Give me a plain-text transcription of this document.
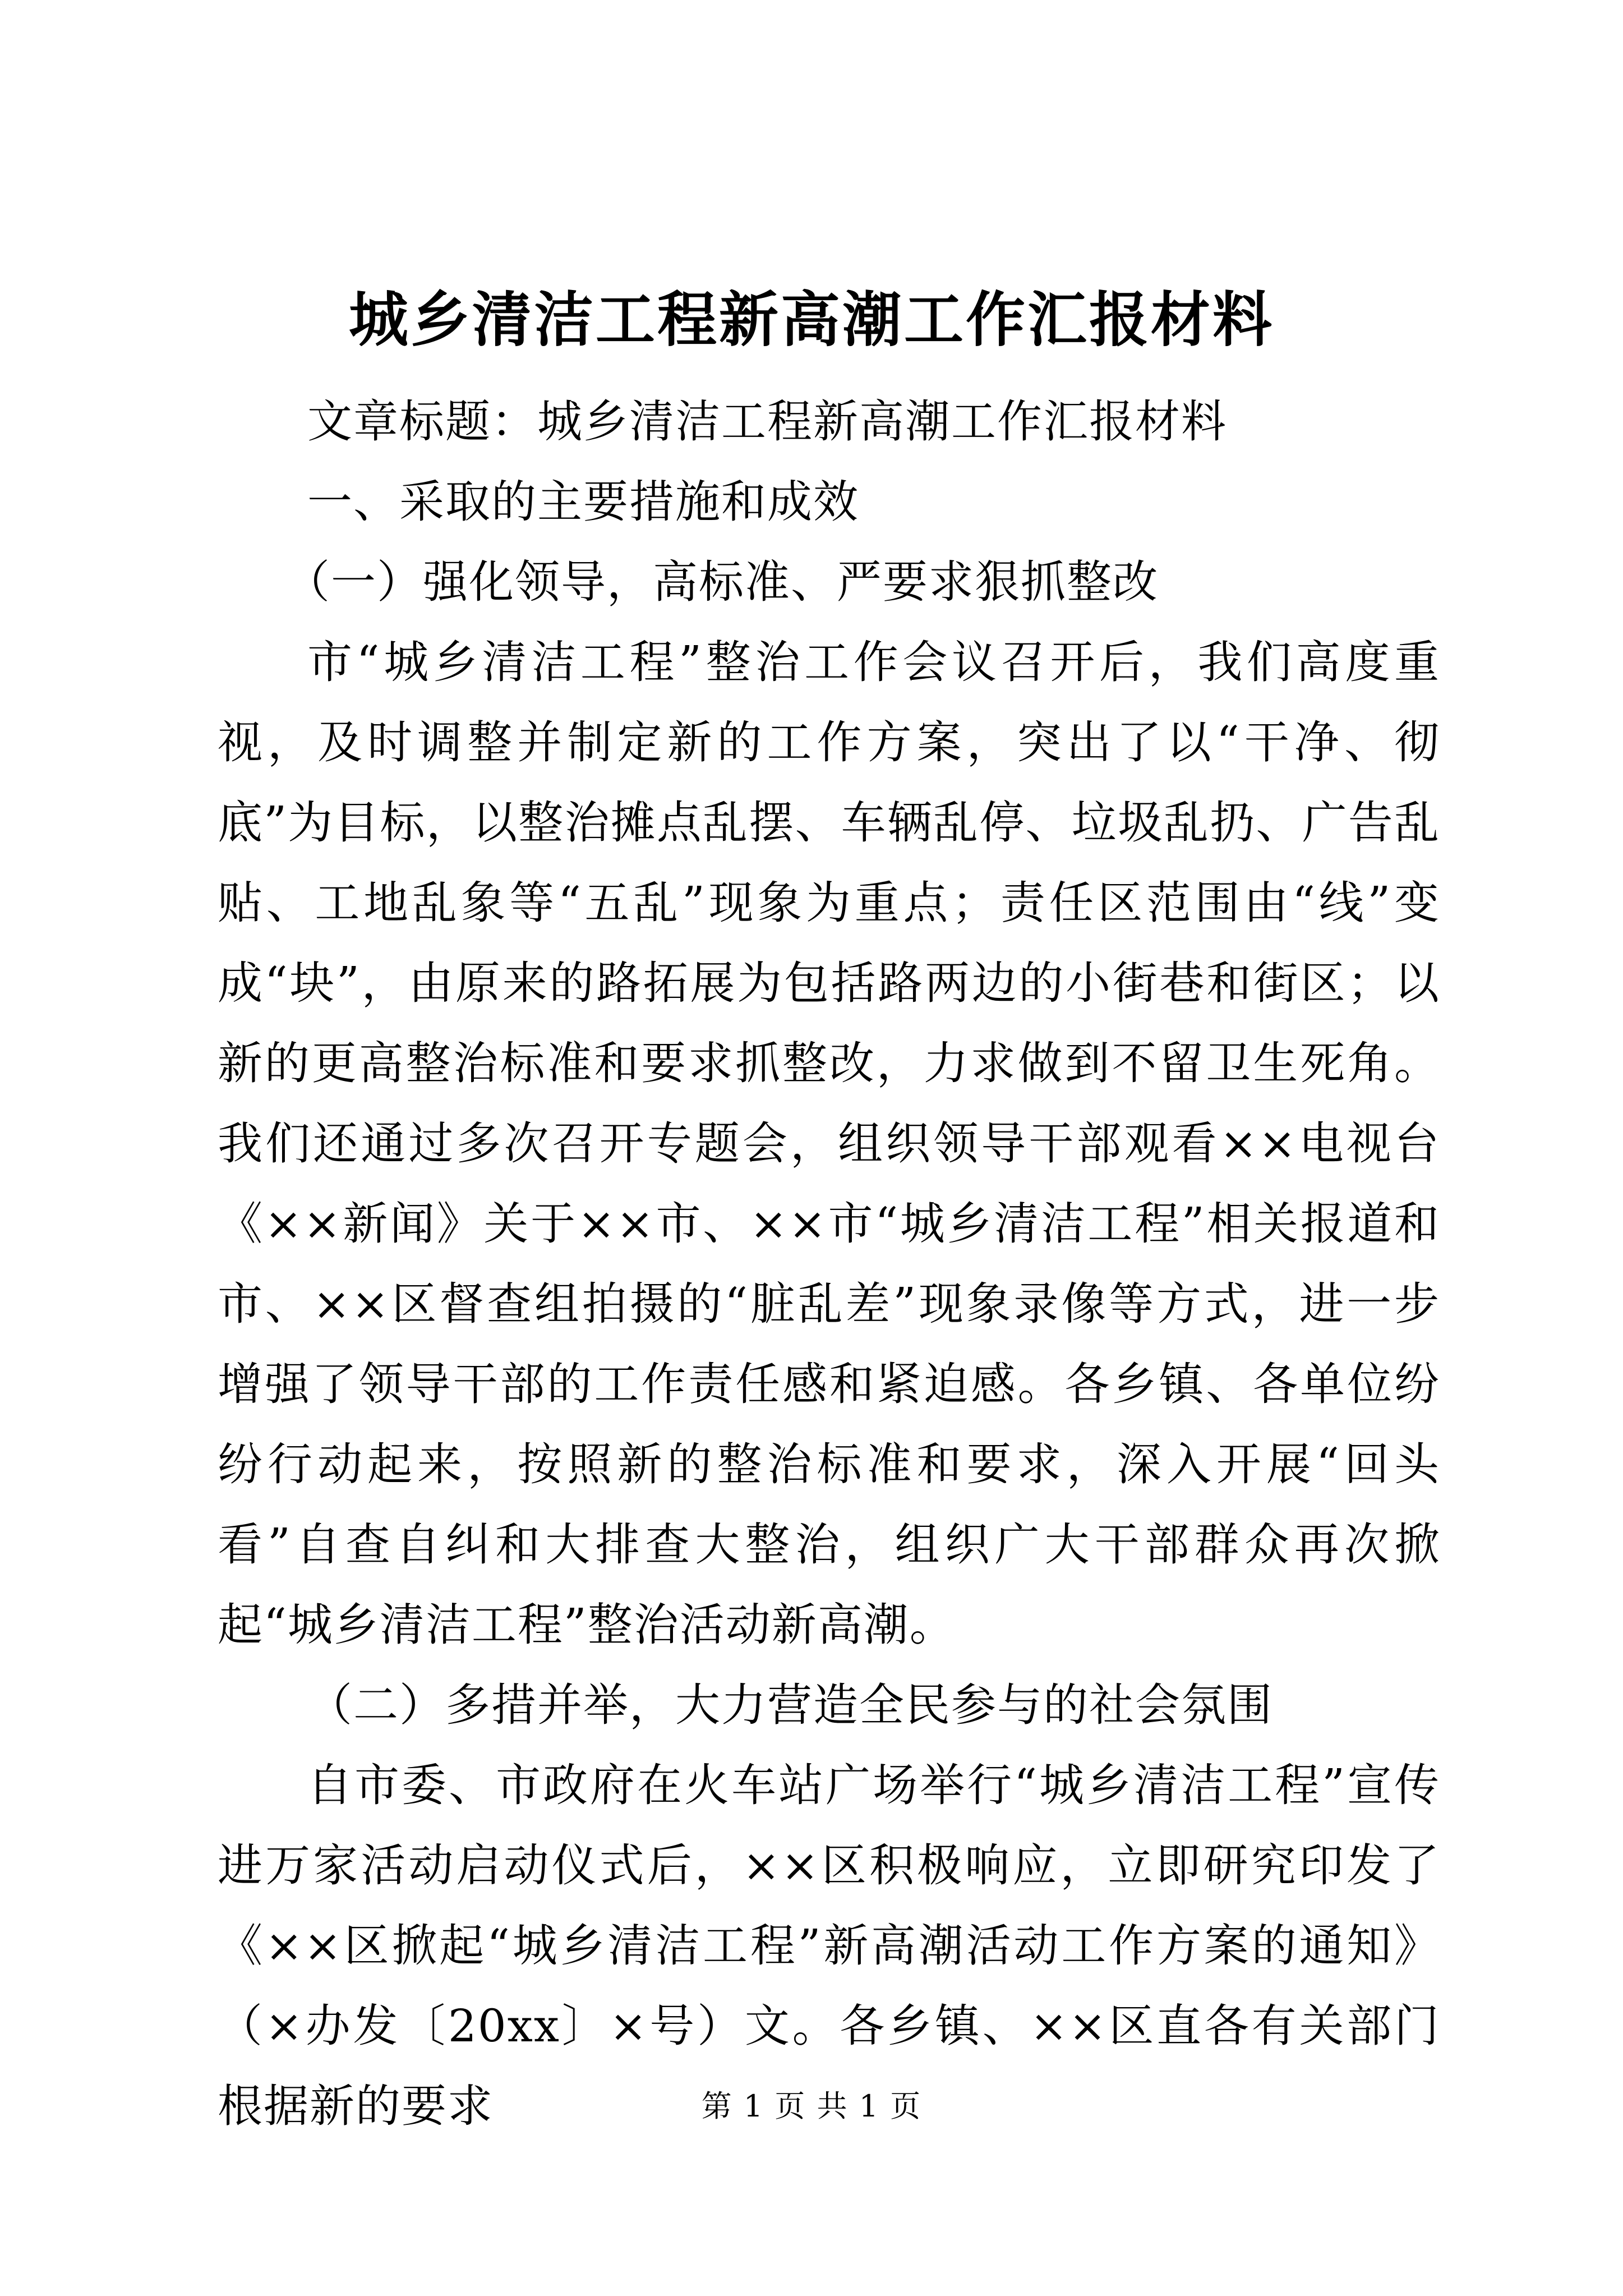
城乡清洁工程新高潮工作汇报材料

文章标题：城乡清洁工程新高潮工作汇报材料

一、采取的主要措施和成效

（一）强化领导，高标准、严要求狠抓整改

市“城乡清洁工程”整治工作会议召开后，我们高度重视，及时调整并制定新的工作方案，突出了以“干净、彻底”为目标，以整治摊点乱摆、车辆乱停、垃圾乱扔、广告乱贴、工地乱象等“五乱”现象为重点；责任区范围由“线”变成“块”，由原来的路拓展为包括路两边的小街巷和街区；以新的更高整治标准和要求抓整改，力求做到不留卫生死角。我们还通过多次召开专题会，组织领导干部观看××电视台《××新闻》关于××市、××市“城乡清洁工程”相关报道和市、××区督查组拍摄的“脏乱差”现象录像等方式，进一步增强了领导干部的工作责任感和紧迫感。各乡镇、各单位纷纷行动起来，按照新的整治标准和要求，深入开展“回头看”自查自纠和大排查大整治，组织广大干部群众再次掀起“城乡清洁工程”整治活动新高潮。

（二）多措并举，大力营造全民参与的社会氛围

自市委、市政府在火车站广场举行“城乡清洁工程”宣传进万家活动启动仪式后，××区积极响应，立即研究印发了《××区掀起“城乡清洁工程”新高潮活动工作方案的通知》（×办发〔20xx〕×号）文。各乡镇、××区直各有关部门根据新的要求	第 1 页 共 1 页
